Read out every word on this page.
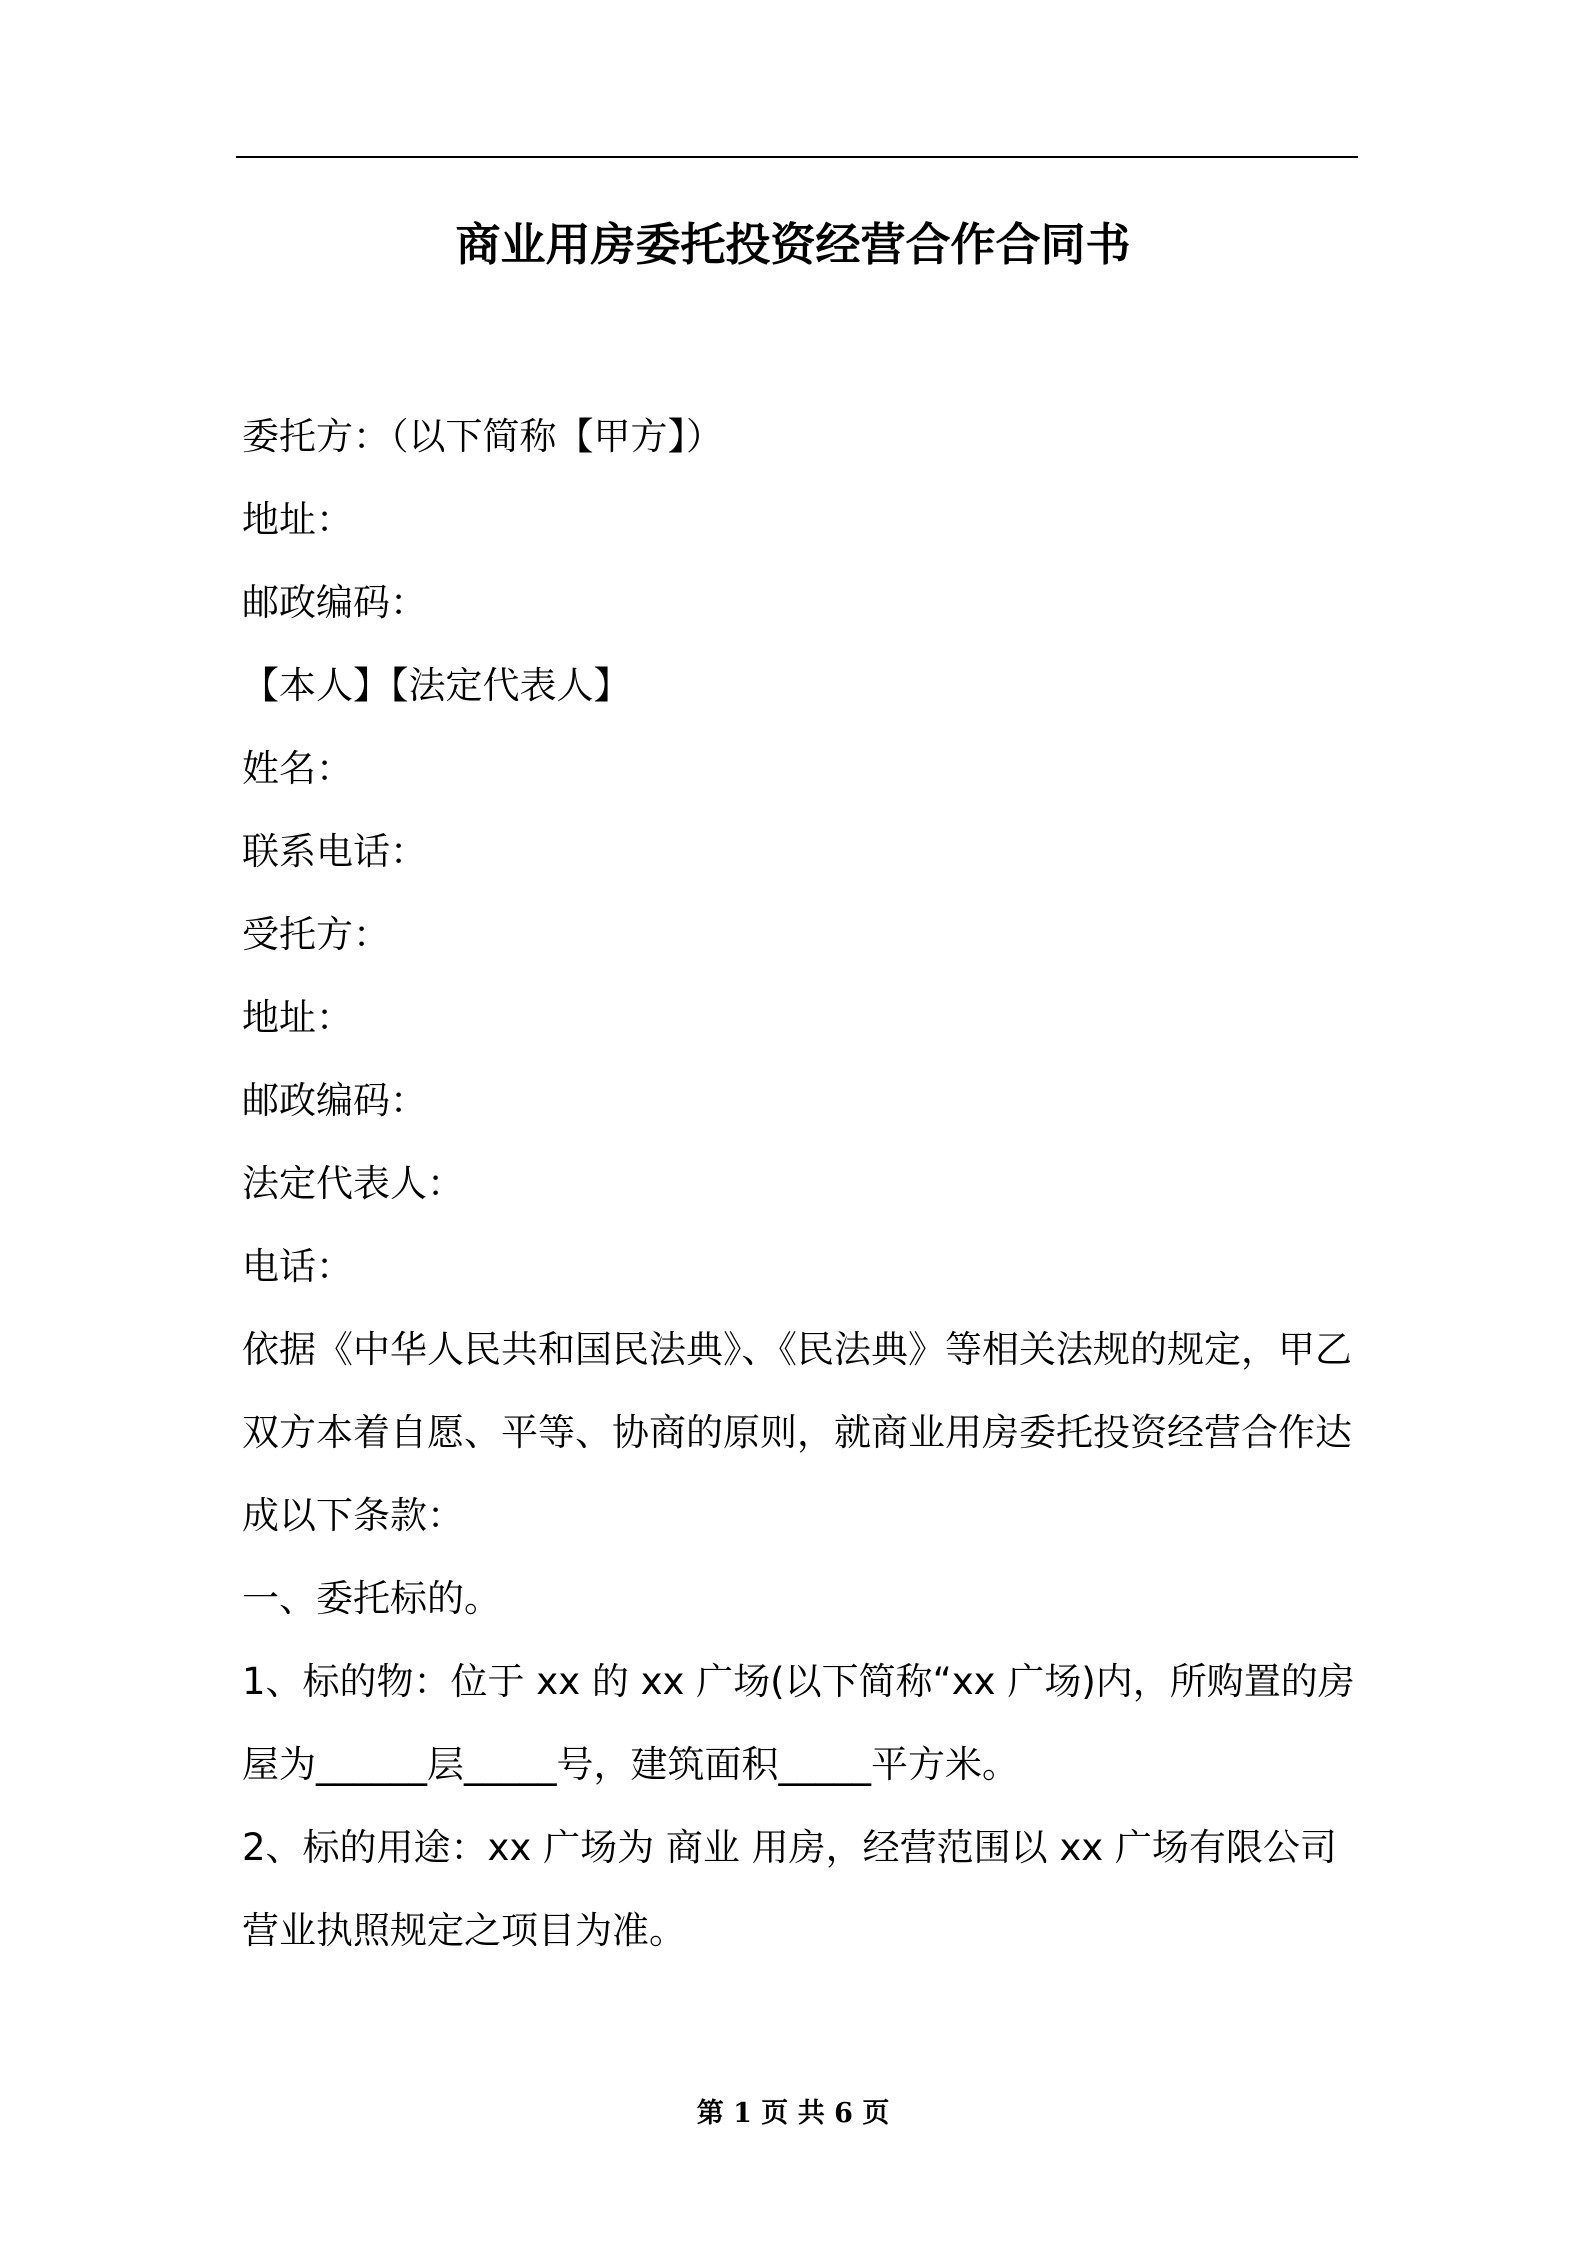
商业用房委托投资经营合作合同书
委托方：（以下简称【甲方】）
地址：
邮政编码：
【本人】【法定代表人】
姓名：
联系电话：
受托方：
地址：
邮政编码：
法定代表人：
电话：
依据《中华人民共和国民法典》、《民法典》等相关法规的规定，甲乙
双方本着自愿、平等、协商的原则，就商业用房委托投资经营合作达
成以下条款：
一、委托标的。
1、标的物：位于 xx 的 xx 广场(以下简称“xx 广场)内，所购置的房
屋为______层_____号，建筑面积_____平方米。
2、标的用途：xx 广场为 商业 用房，经营范围以 xx 广场有限公司
营业执照规定之项目为准。
第 1 页 共 6 页
